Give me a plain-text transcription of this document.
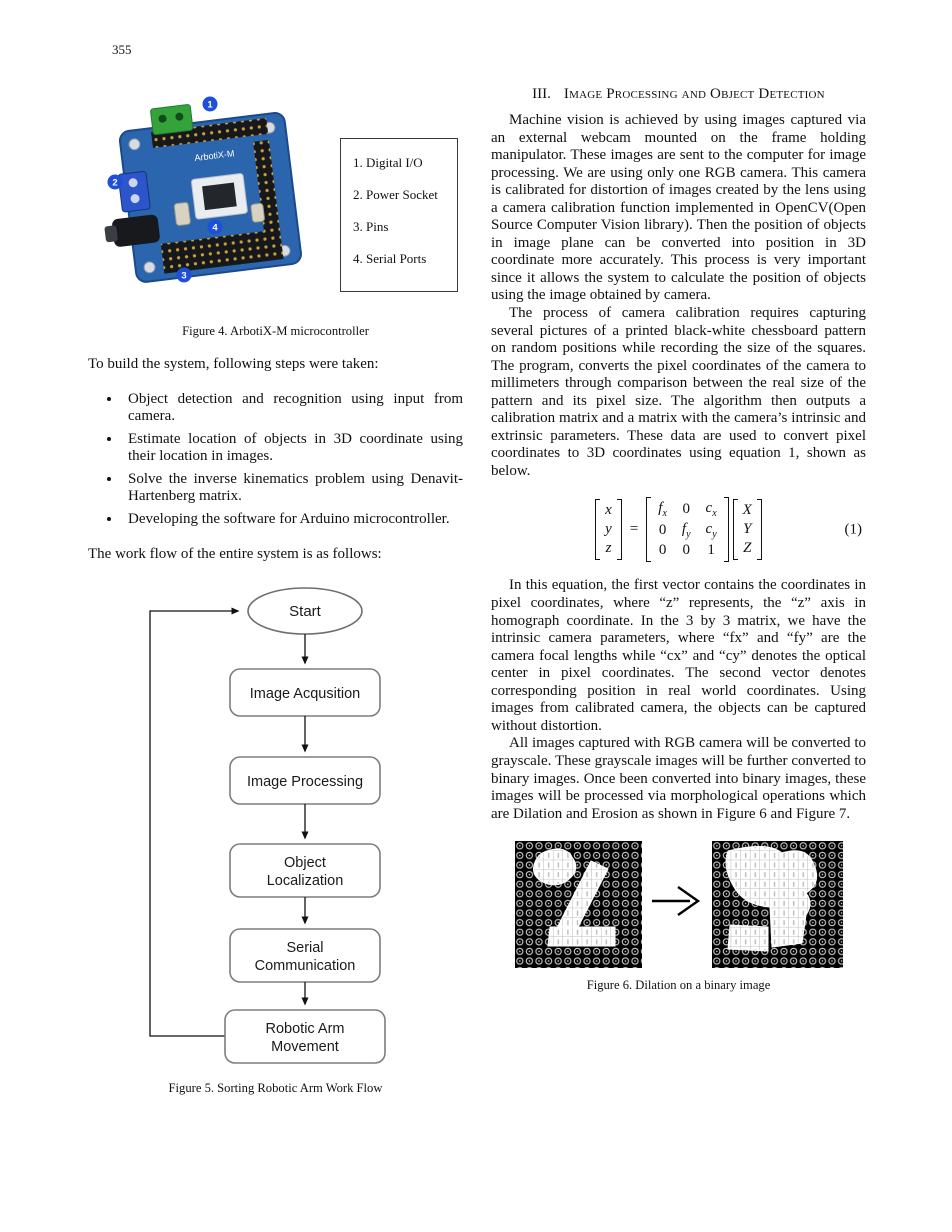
355
ArbotiX-M
1
2
3
4
1. Digital I/O
2. Power Socket
3. Pins
4. Serial Ports
Figure 4. ArbotiX-M microcontroller

To build the system, following steps were taken:

• Object detection and recognition using input from camera.
• Estimate location of objects in 3D coordinate using their location in images.
• Solve the inverse kinematics problem using Denavit-Hartenberg matrix.
• Developing the software for Arduino microcontroller.

The work flow of the entire system is as follows:

Start
Image Acqusition
Image Processing
Object
Localization
Serial
Communication
Robotic Arm
Movement
Figure 5. Sorting Robotic Arm Work Flow
III. Image Processing and Object Detection

Machine vision is achieved by using images captured via an external webcam mounted on the frame holding manipulator. These images are sent to the computer for image processing. We are using only one RGB camera. This camera is calibrated for distortion of images created by the lens using a camera calibration function implemented in OpenCV(Open Source Computer Vision library). Then the position of objects in image plane can be converted into position in 3D coordinate more accurately. This process is very important since it allows the system to calculate the position of objects using the image obtained by camera.

The process of camera calibration requires capturing several pictures of a printed black-white chessboard pattern on random positions while recording the size of the squares. The program, converts the pixel coordinates of the camera to millimeters through comparison between the real size of the pattern and its pixel size. The algorithm then outputs a calibration matrix and a matrix with the camera’s intrinsic and extrinsic parameters. These data are used to convert pixel coordinates to 3D coordinates using equation 1, shown as below.

x
y
z
=
$f_x$ 0 $c_x$
0 $f_y$ $c_y$
0 0 1
X
Y
Z
(1)

In this equation, the first vector contains the coordinates in pixel coordinates, where “z” represents, the “z” axis in homograph coordinate. In the 3 by 3 matrix, we have the intrinsic camera parameters, where “fx” and “fy” are the camera focal lengths while “cx” and “cy” denotes the optical center in pixel coordinates. The second vector denotes corresponding position in real world coordinates. Using images from calibrated camera, the objects can be captured without distortion.

All images captured with RGB camera will be converted to grayscale. These grayscale images will be further converted to binary images. Once been converted into binary images, these images will be processed via morphological operations which are Dilation and Erosion as shown in Figure 6 and Figure 7.

Figure 6. Dilation on a binary image
